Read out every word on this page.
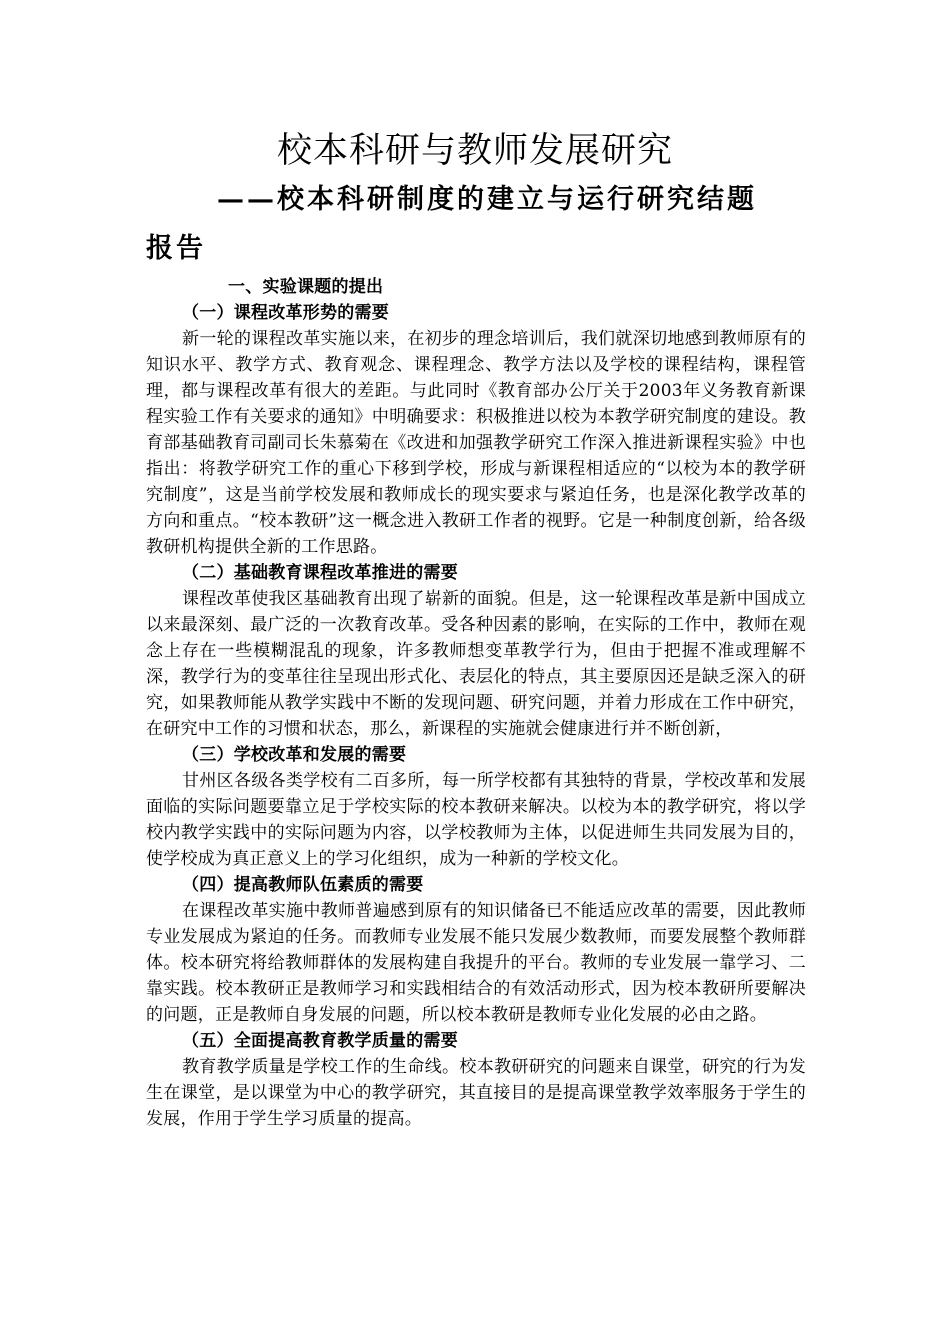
校本科研与教师发展研究
——校本科研制度的建立与运行研究结题
报告

一、实验课题的提出

（一）课程改革形势的需要

新一轮的课程改革实施以来，在初步的理念培训后，我们就深切地感到教师原有的知识水平、教学方式、教育观念、课程理念、教学方法以及学校的课程结构，课程管理，都与课程改革有很大的差距。与此同时《教育部办公厅关于2003年义务教育新课程实验工作有关要求的通知》中明确要求：积极推进以校为本教学研究制度的建设。教育部基础教育司副司长朱慕菊在《改进和加强教学研究工作深入推进新课程实验》中也指出：将教学研究工作的重心下移到学校，形成与新课程相适应的“以校为本的教学研究制度”，这是当前学校发展和教师成长的现实要求与紧迫任务，也是深化教学改革的方向和重点。“校本教研”这一概念进入教研工作者的视野。它是一种制度创新，给各级教研机构提供全新的工作思路。

（二）基础教育课程改革推进的需要

课程改革使我区基础教育出现了崭新的面貌。但是，这一轮课程改革是新中国成立以来最深刻、最广泛的一次教育改革。受各种因素的影响，在实际的工作中，教师在观念上存在一些模糊混乱的现象，许多教师想变革教学行为，但由于把握不准或理解不深，教学行为的变革往往呈现出形式化、表层化的特点，其主要原因还是缺乏深入的研究，如果教师能从教学实践中不断的发现问题、研究问题，并着力形成在工作中研究，在研究中工作的习惯和状态，那么，新课程的实施就会健康进行并不断创新，

（三）学校改革和发展的需要

甘州区各级各类学校有二百多所，每一所学校都有其独特的背景，学校改革和发展面临的实际问题要靠立足于学校实际的校本教研来解决。以校为本的教学研究，将以学校内教学实践中的实际问题为内容，以学校教师为主体，以促进师生共同发展为目的，使学校成为真正意义上的学习化组织，成为一种新的学校文化。

（四）提高教师队伍素质的需要

在课程改革实施中教师普遍感到原有的知识储备已不能适应改革的需要，因此教师专业发展成为紧迫的任务。而教师专业发展不能只发展少数教师，而要发展整个教师群体。校本研究将给教师群体的发展构建自我提升的平台。教师的专业发展一靠学习、二靠实践。校本教研正是教师学习和实践相结合的有效活动形式，因为校本教研所要解决的问题，正是教师自身发展的问题，所以校本教研是教师专业化发展的必由之路。

（五）全面提高教育教学质量的需要

教育教学质量是学校工作的生命线。校本教研研究的问题来自课堂，研究的行为发生在课堂，是以课堂为中心的教学研究，其直接目的是提高课堂教学效率服务于学生的发展，作用于学生学习质量的提高。
